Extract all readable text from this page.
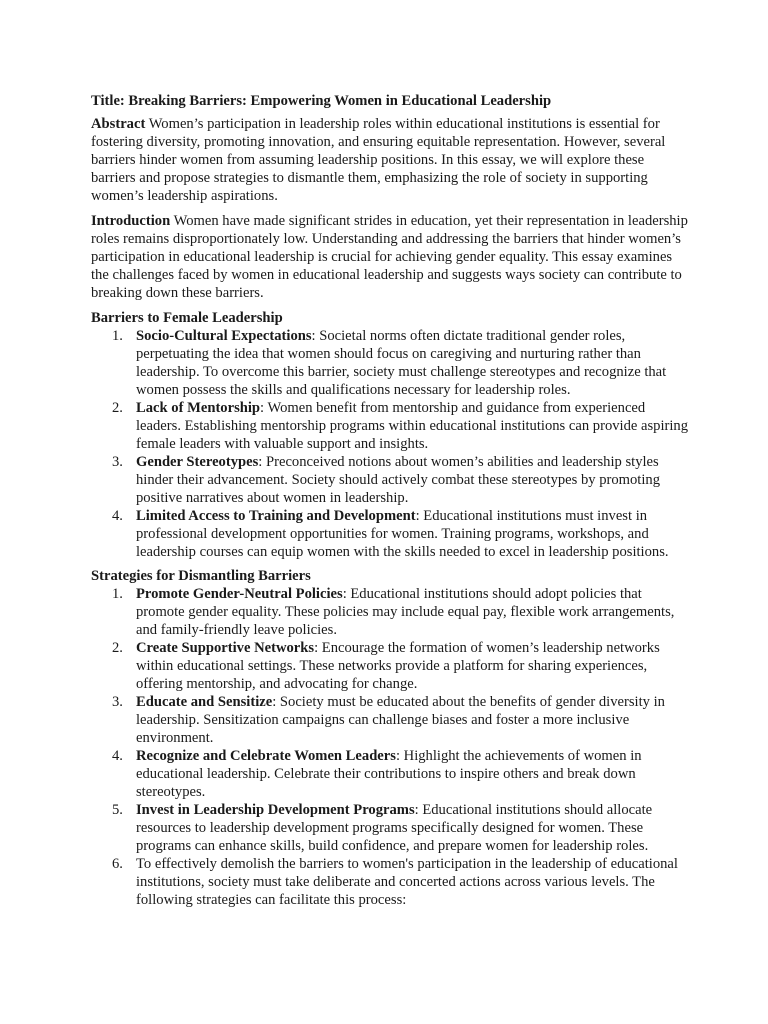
Title: Breaking Barriers: Empowering Women in Educational Leadership

Abstract Women’s participation in leadership roles within educational institutions is essential for fostering diversity, promoting innovation, and ensuring equitable representation. However, several barriers hinder women from assuming leadership positions. In this essay, we will explore these barriers and propose strategies to dismantle them, emphasizing the role of society in supporting women’s leadership aspirations.

Introduction Women have made significant strides in education, yet their representation in leadership roles remains disproportionately low. Understanding and addressing the barriers that hinder women’s participation in educational leadership is crucial for achieving gender equality. This essay examines the challenges faced by women in educational leadership and suggests ways society can contribute to breaking down these barriers.

Barriers to Female Leadership

1. Socio-Cultural Expectations: Societal norms often dictate traditional gender roles, perpetuating the idea that women should focus on caregiving and nurturing rather than leadership. To overcome this barrier, society must challenge stereotypes and recognize that women possess the skills and qualifications necessary for leadership roles.
2. Lack of Mentorship: Women benefit from mentorship and guidance from experienced leaders. Establishing mentorship programs within educational institutions can provide aspiring female leaders with valuable support and insights.
3. Gender Stereotypes: Preconceived notions about women’s abilities and leadership styles hinder their advancement. Society should actively combat these stereotypes by promoting positive narratives about women in leadership.
4. Limited Access to Training and Development: Educational institutions must invest in professional development opportunities for women. Training programs, workshops, and leadership courses can equip women with the skills needed to excel in leadership positions.

Strategies for Dismantling Barriers

1. Promote Gender-Neutral Policies: Educational institutions should adopt policies that promote gender equality. These policies may include equal pay, flexible work arrangements, and family-friendly leave policies.
2. Create Supportive Networks: Encourage the formation of women’s leadership networks within educational settings. These networks provide a platform for sharing experiences, offering mentorship, and advocating for change.
3. Educate and Sensitize: Society must be educated about the benefits of gender diversity in leadership. Sensitization campaigns can challenge biases and foster a more inclusive environment.
4. Recognize and Celebrate Women Leaders: Highlight the achievements of women in educational leadership. Celebrate their contributions to inspire others and break down stereotypes.
5. Invest in Leadership Development Programs: Educational institutions should allocate resources to leadership development programs specifically designed for women. These programs can enhance skills, build confidence, and prepare women for leadership roles.
6. To effectively demolish the barriers to women's participation in the leadership of educational institutions, society must take deliberate and concerted actions across various levels. The following strategies can facilitate this process:
